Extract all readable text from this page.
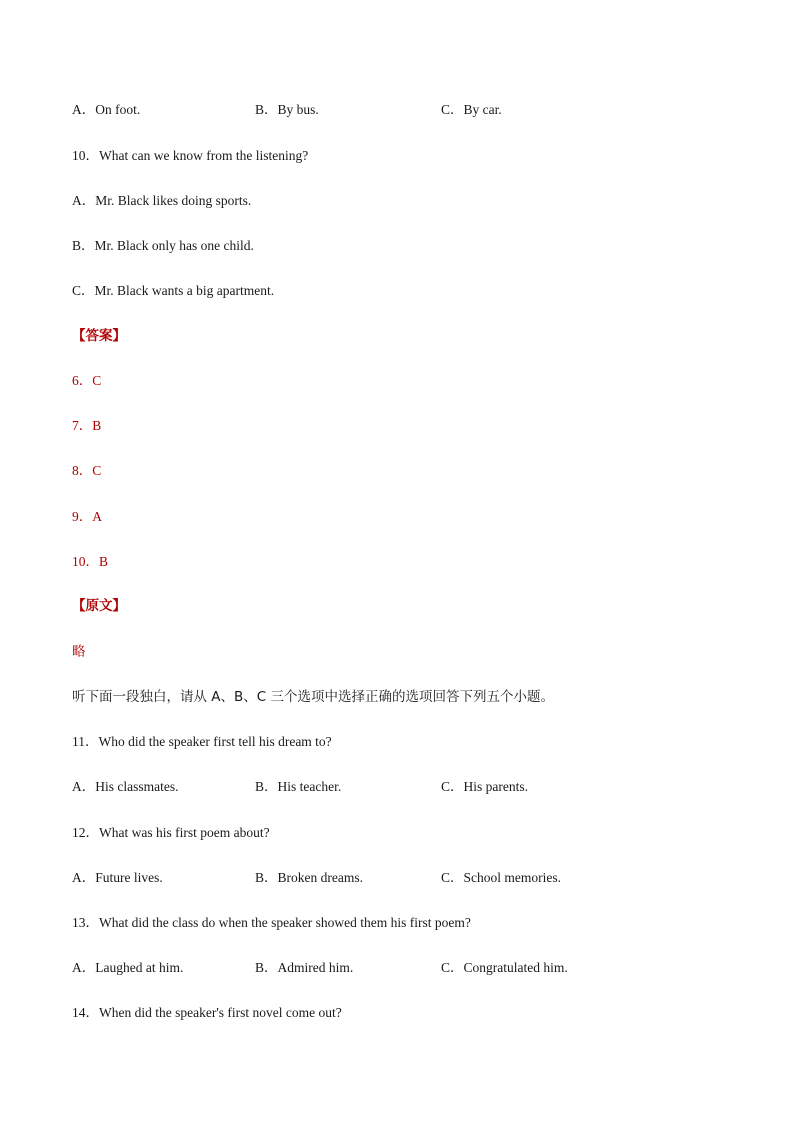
A．On foot.	B．By bus.	C．By car.
10．What can we know from the listening?
A．Mr. Black likes doing sports.
B．Mr. Black only has one child.
C．Mr. Black wants a big apartment.
【答案】
6．C
7．B
8．C
9．A
10．B
【原文】
略
听下面一段独白，请从 A、B、C 三个选项中选择正确的选项回答下列五个小题。
11．Who did the speaker first tell his dream to?
A．His classmates.	B．His teacher.	C．His parents.
12．What was his first poem about?
A．Future lives.	B．Broken dreams.	C．School memories.
13．What did the class do when the speaker showed them his first poem?
A．Laughed at him.	B．Admired him.	C．Congratulated him.
14．When did the speaker's first novel come out?
